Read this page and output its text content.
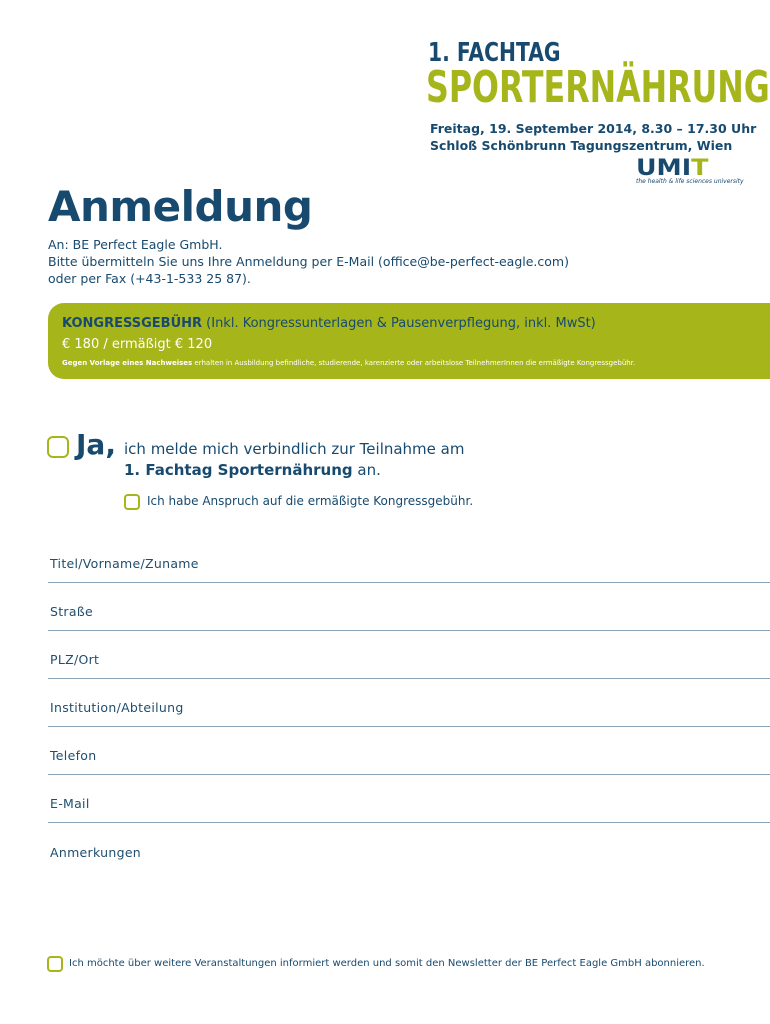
1. FACHTAG
SPORTERNÄHRUNG
Freitag, 19. September 2014, 8.30 – 17.30 Uhr
Schloß Schönbrunn Tagungszentrum, Wien
UMIT
the health & life sciences university
Anmeldung
An: BE Perfect Eagle GmbH.
Bitte übermitteln Sie uns Ihre Anmeldung per E-Mail (office@be-perfect-eagle.com)
oder per Fax (+43-1-533 25 87).
KONGRESSGEBÜHR (Inkl. Kongressunterlagen & Pausenverpflegung, inkl. MwSt)
€ 180 / ermäßigt € 120
Gegen Vorlage eines Nachweises erhalten in Ausbildung befindliche, studierende, karenzierte oder arbeitslose TeilnehmerInnen die ermäßigte Kongressgebühr.
Ja, ich melde mich verbindlich zur Teilnahme am
1. Fachtag Sporternährung an.
Ich habe Anspruch auf die ermäßigte Kongressgebühr.
Titel/Vorname/Zuname
Straße
PLZ/Ort
Institution/Abteilung
Telefon
E-Mail
Anmerkungen
Ich möchte über weitere Veranstaltungen informiert werden und somit den Newsletter der BE Perfect Eagle GmbH abonnieren.
